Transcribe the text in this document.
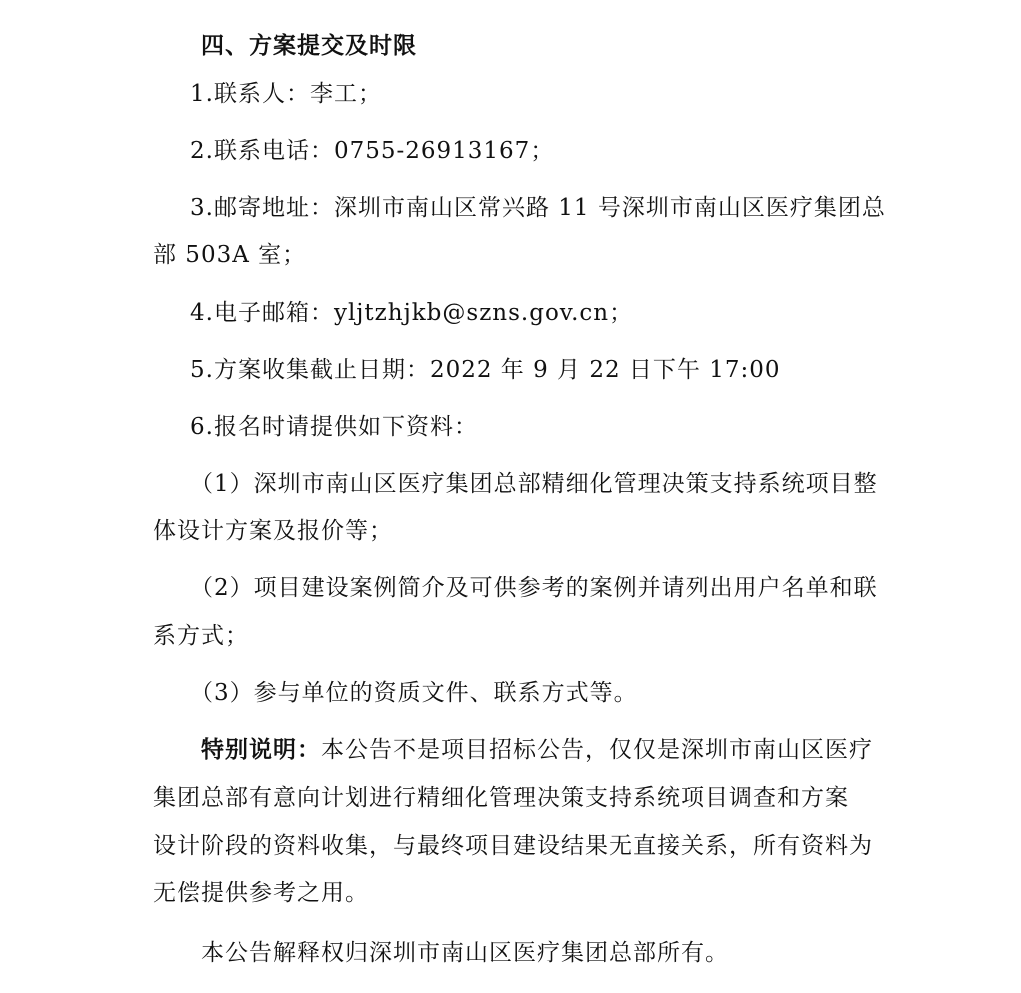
四、方案提交及时限
1.联系人：李工；
2.联系电话：0755-26913167；
3.邮寄地址：深圳市南山区常兴路 11 号深圳市南山区医疗集团总
部 503A 室；
4.电子邮箱：yljtzhjkb@szns.gov.cn；
5.方案收集截止日期：2022 年 9 月 22 日下午 17:00
6.报名时请提供如下资料：
（1）深圳市南山区医疗集团总部精细化管理决策支持系统项目整
体设计方案及报价等；
（2）项目建设案例简介及可供参考的案例并请列出用户名单和联
系方式；
（3）参与单位的资质文件、联系方式等。
特别说明：本公告不是项目招标公告，仅仅是深圳市南山区医疗
集团总部有意向计划进行精细化管理决策支持系统项目调查和方案
设计阶段的资料收集，与最终项目建设结果无直接关系，所有资料为
无偿提供参考之用。
本公告解释权归深圳市南山区医疗集团总部所有。
